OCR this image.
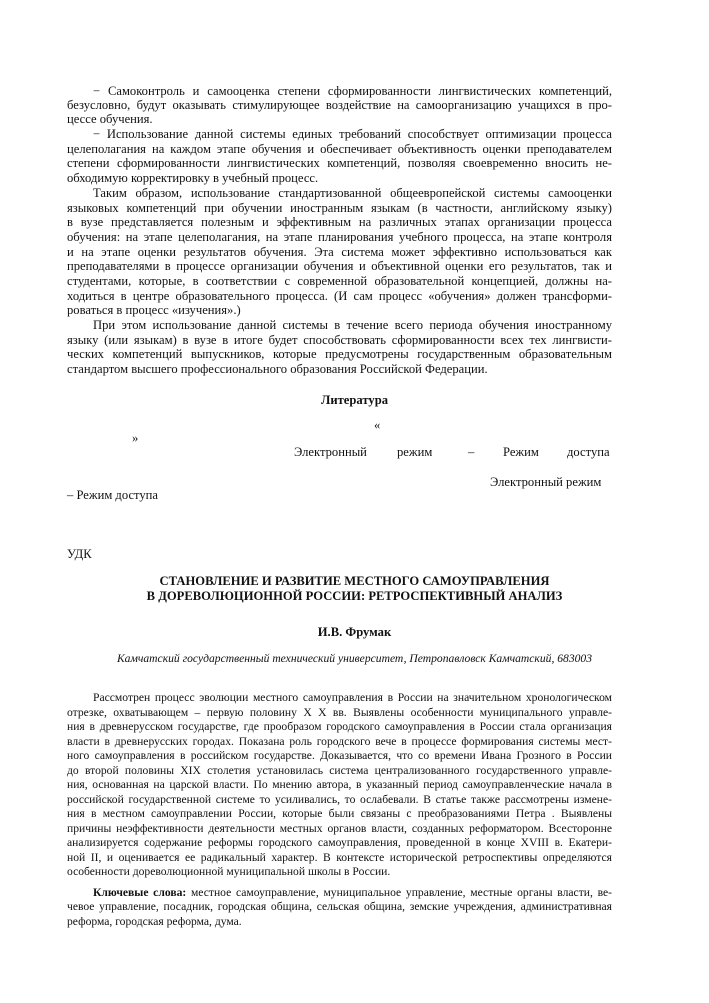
− Самоконтроль и самооценка степени сформированности лингвистических компетенций,
безусловно, будут оказывать стимулирующее воздействие на самоорганизацию учащихся в про-
цессе обучения.
− Использование данной системы единых требований способствует оптимизации процесса
целеполагания на каждом этапе обучения и обеспечивает объективность оценки преподавателем
степени сформированности лингвистических компетенций, позволяя своевременно вносить не-
обходимую корректировку в учебный процесс.
Таким образом, использование стандартизованной общеевропейской системы самооценки
языковых компетенций при обучении иностранным языкам (в частности, английскому языку)
в вузе представляется полезным и эффективным на различных этапах организации процесса
обучения: на этапе целеполагания, на этапе планирования учебного процесса, на этапе контроля
и на этапе оценки результатов обучения. Эта система может эффективно использоваться как
преподавателями в процессе организации обучения и объективной оценки его результатов, так и
студентами, которые, в соответствии с современной образовательной концепцией, должны на-
ходиться в центре образовательного процесса. (И сам процесс «обучения» должен трансформи-
роваться в процесс «изучения».)
При этом использование данной системы в течение всего периода обучения иностранному
языку (или языкам) в вузе в итоге будет способствовать сформированности всех тех лингвисти-
ческих компетенций выпускников, которые предусмотрены государственным образовательным
стандартом высшего профессионального образования Российской Федерации.
Литература
«
»
Электронный режим	– Режим доступа
Электронный режим
– Режим доступа
УДК
СТАНОВЛЕНИЕ И РАЗВИТИЕ МЕСТНОГО САМОУПРАВЛЕНИЯ
В ДОРЕВОЛЮЦИОННОЙ РОССИИ: РЕТРОСПЕКТИВНЫЙ АНАЛИЗ
И.В. Фрумак
Камчатский государственный технический университет, Петропавловск Камчатский, 683003
Рассмотрен процесс эволюции местного самоуправления в России на значительном хронологическом
отрезке, охватывающем – первую половину X X вв. Выявлены особенности муниципального управле-
ния в древнерусском государстве, где прообразом городского самоуправления в России стала организация
власти в древнерусских городах. Показана роль городского вече в процессе формирования системы мест-
ного самоуправления в российском государстве. Доказывается, что со времени Ивана Грозного в России
до второй половины XIX столетия установилась система централизованного государственного управле-
ния, основанная на царской власти. По мнению автора, в указанный период самоуправленческие начала в
российской государственной системе то усиливались, то ослабевали. В статье также рассмотрены измене-
ния в местном самоуправлении России, которые были связаны с преобразованиями Петра . Выявлены
причины неэффективности деятельности местных органов власти, созданных реформатором. Всесторонне
анализируется содержание реформы городского самоуправления, проведенной в конце XVIII в. Екатери-
ной II, и оценивается ее радикальный характер. В контексте исторической ретроспективы определяются
особенности дореволюционной муниципальной школы в России.
Ключевые слова: местное самоуправление, муниципальное управление, местные органы власти, ве-
чевое управление, посадник, городская община, сельская община, земские учреждения, административная
реформа, городская реформа, дума.
